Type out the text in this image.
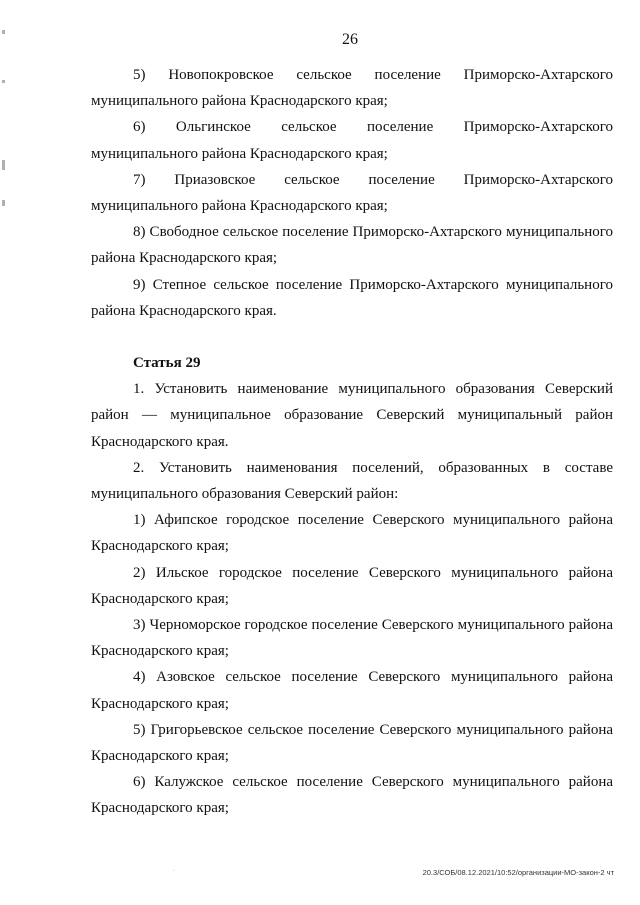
26

5) Новопокровское сельское поселение Приморско-Ахтарского муниципального района Краснодарского края;

6) Ольгинское сельское поселение Приморско-Ахтарского муниципального района Краснодарского края;

7) Приазовское сельское поселение Приморско-Ахтарского муниципального района Краснодарского края;

8) Свободное сельское поселение Приморско-Ахтарского муниципального района Краснодарского края;

9) Степное сельское поселение Приморско-Ахтарского муниципального района Краснодарского края.

Статья 29

1. Установить наименование муниципального образования Северский район — муниципальное образование Северский муниципальный район Краснодарского края.

2. Установить наименования поселений, образованных в составе муниципального образования Северский район:

1) Афипское городское поселение Северского муниципального района Краснодарского края;

2) Ильское городское поселение Северского муниципального района Краснодарского края;

3) Черноморское городское поселение Северского муниципального района Краснодарского края;

4) Азовское сельское поселение Северского муниципального района Краснодарского края;

5) Григорьевское сельское поселение Северского муниципального района Краснодарского края;

6) Калужское сельское поселение Северского муниципального района Краснодарского края;

·	20.3/СОБ/08.12.2021/10:52/организации-МО-закон-2 чт
